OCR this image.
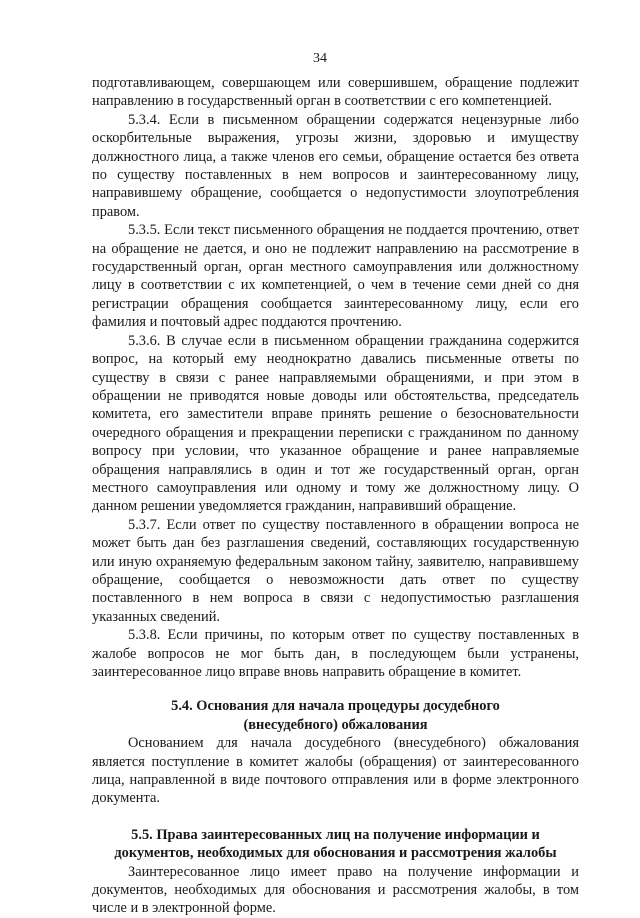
34

подготавливающем, совершающем или совершившем, обращение подлежит направлению в государственный орган в соответствии с его компетенцией.

5.3.4. Если в письменном обращении содержатся нецензурные либо оскорбительные выражения, угрозы жизни, здоровью и имуществу должностного лица, а также членов его семьи, обращение остается без ответа по существу поставленных в нем вопросов и заинтересованному лицу, направившему обращение, сообщается о недопустимости злоупотребления правом.

5.3.5. Если текст письменного обращения не поддается прочтению, ответ на обращение не дается, и оно не подлежит направлению на рассмотрение в государственный орган, орган местного самоуправления или должностному лицу в соответствии с их компетенцией, о чем в течение семи дней со дня регистрации обращения сообщается заинтересованному лицу, если его фамилия и почтовый адрес поддаются прочтению.

5.3.6. В случае если в письменном обращении гражданина содержится вопрос, на который ему неоднократно давались письменные ответы по существу в связи с ранее направляемыми обращениями, и при этом в обращении не приводятся новые доводы или обстоятельства, председатель комитета, его заместители вправе принять решение о безосновательности очередного обращения и прекращении переписки с гражданином по данному вопросу при условии, что указанное обращение и ранее направляемые обращения направлялись в один и тот же государственный орган, орган местного самоуправления или одному и тому же должностному лицу. О данном решении уведомляется гражданин, направивший обращение.

5.3.7. Если ответ по существу поставленного в обращении вопроса не может быть дан без разглашения сведений, составляющих государственную или иную охраняемую федеральным законом тайну, заявителю, направившему обращение, сообщается о невозможности дать ответ по существу поставленного в нем вопроса в связи с недопустимостью разглашения указанных сведений.

5.3.8. Если причины, по которым ответ по существу поставленных в жалобе вопросов не мог быть дан, в последующем были устранены, заинтересованное лицо вправе вновь направить обращение в комитет.

5.4. Основания для начала процедуры досудебного
(внесудебного) обжалования

Основанием для начала досудебного (внесудебного) обжалования является поступление в комитет жалобы (обращения) от заинтересованного лица, направленной в виде почтового отправления или в форме электронного документа.

5.5. Права заинтересованных лиц на получение информации и
документов, необходимых для обоснования и рассмотрения жалобы

Заинтересованное лицо имеет право на получение информации и документов, необходимых для обоснования и рассмотрения жалобы, в том числе и в электронной форме.
